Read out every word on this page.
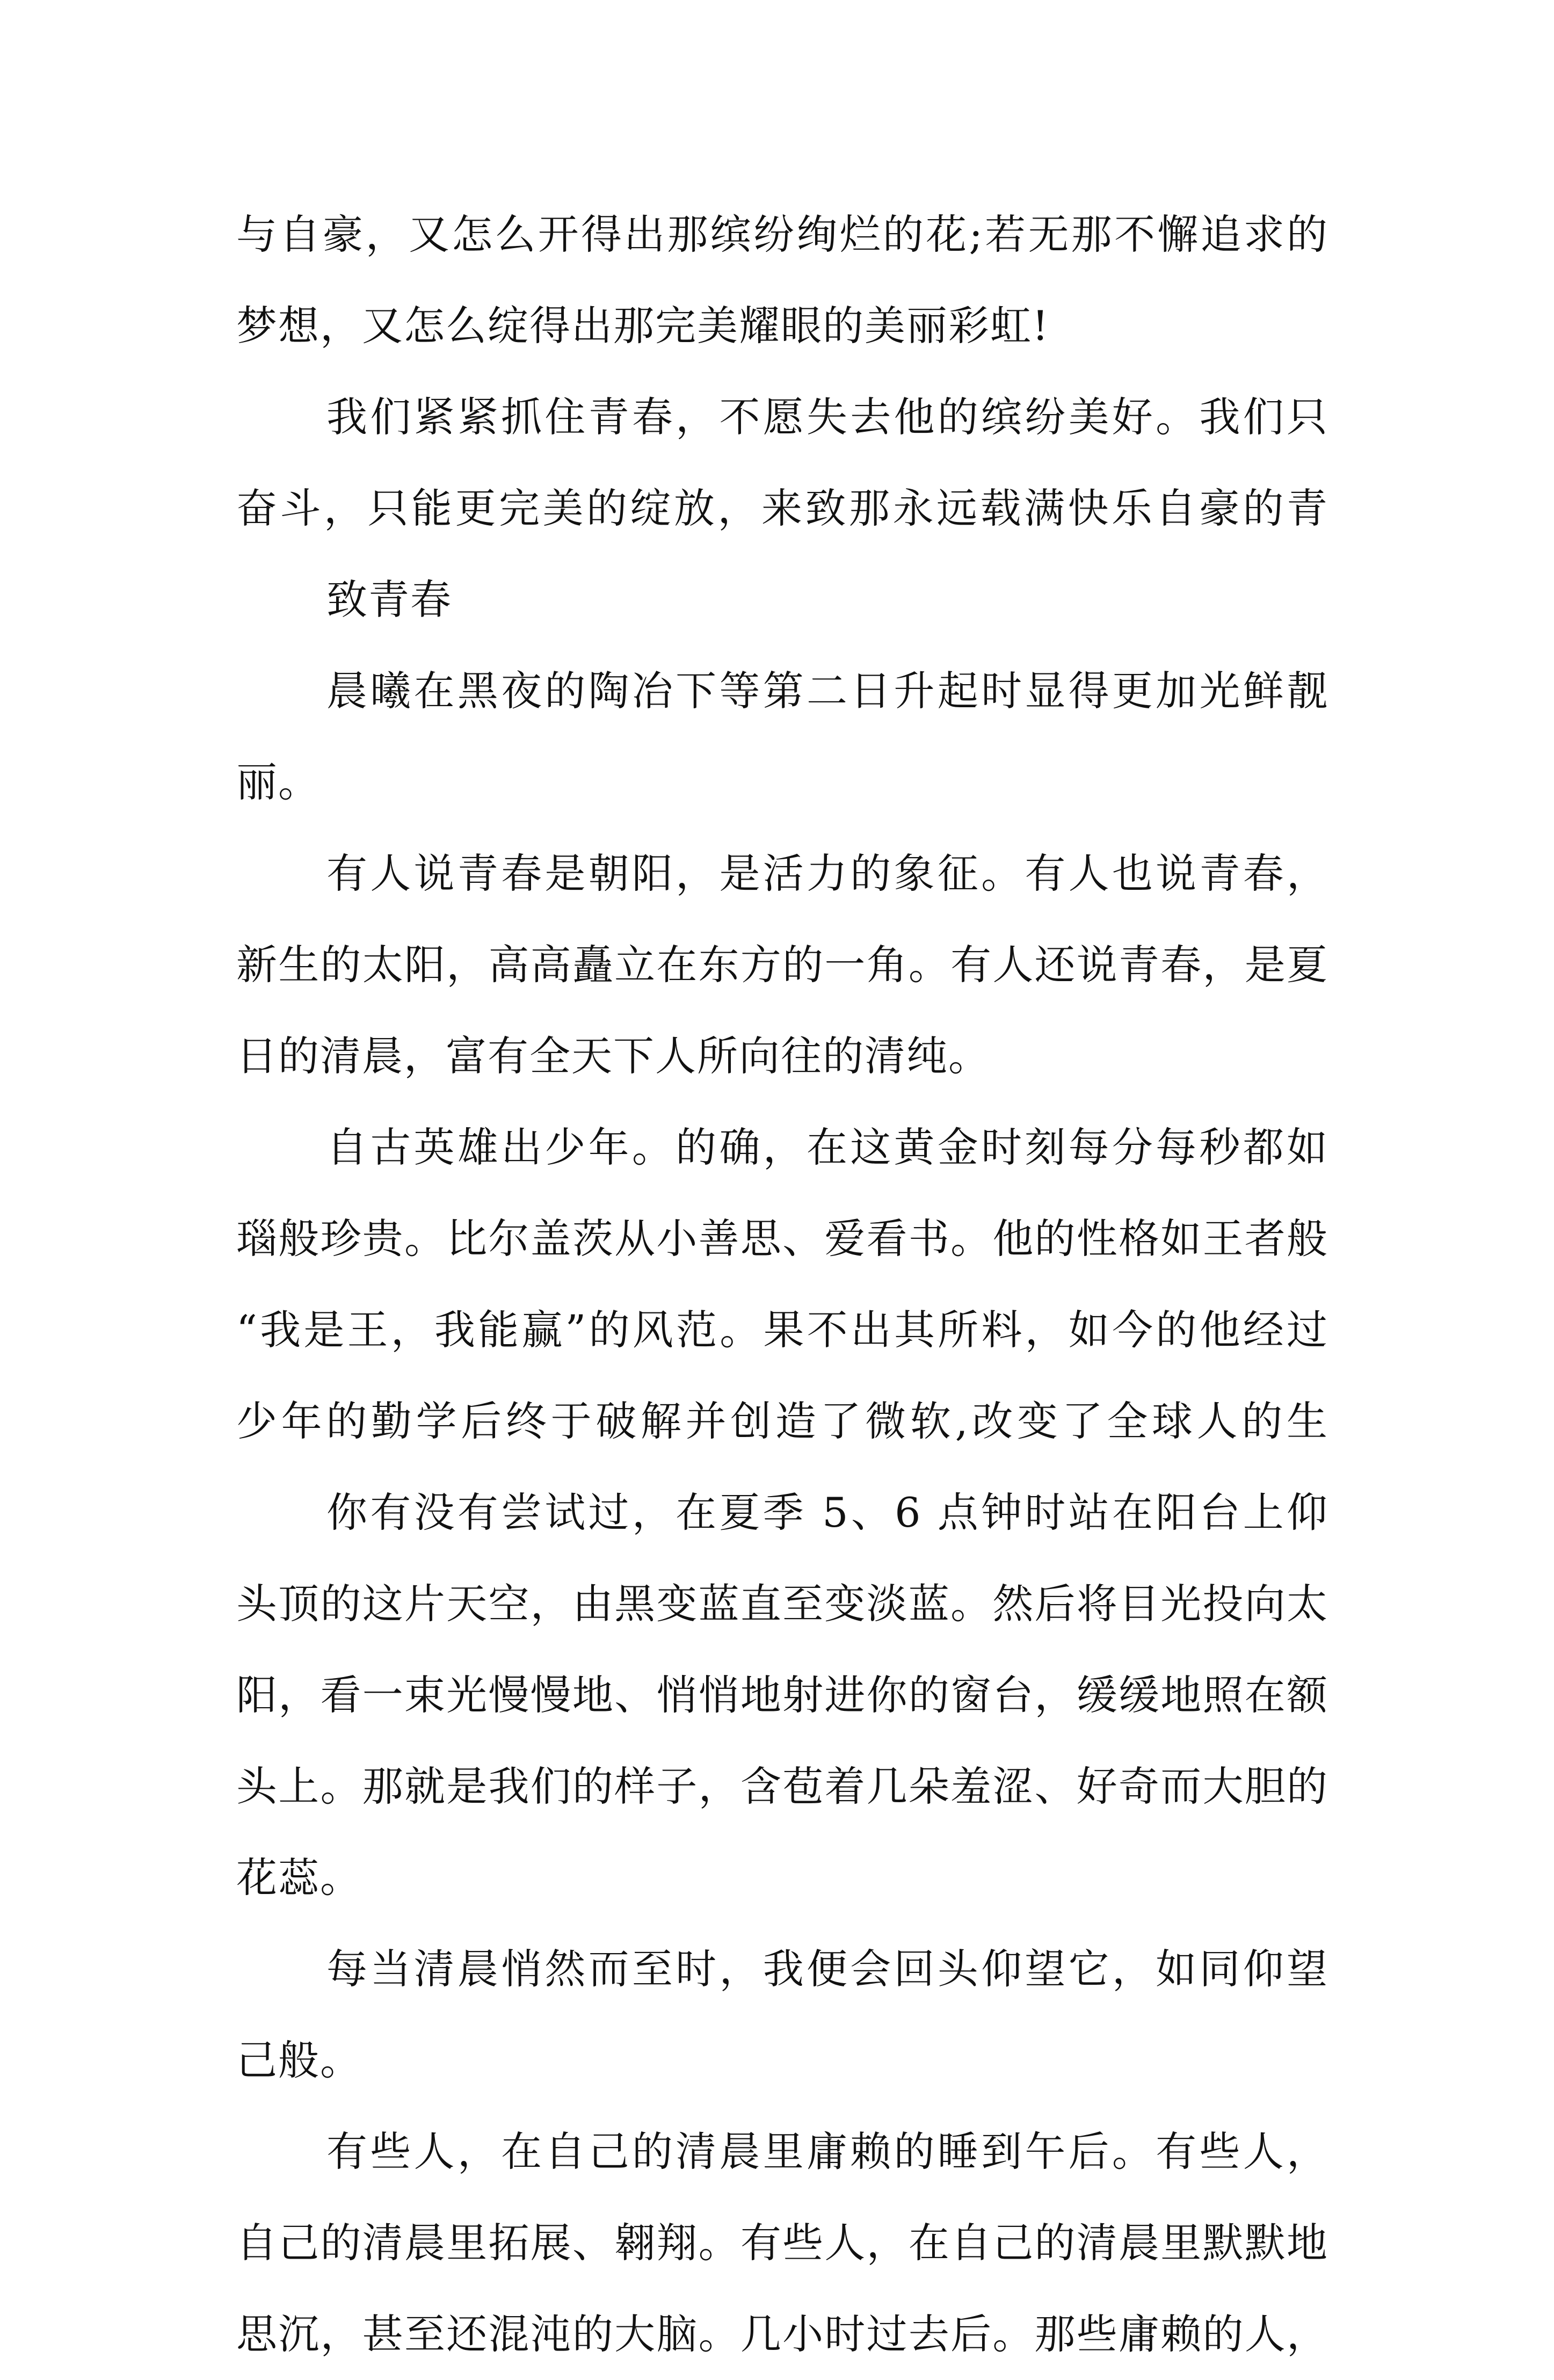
与自豪，又怎么开得出那缤纷绚烂的花;若无那不懈追求的
梦想，又怎么绽得出那完美耀眼的美丽彩虹!
我们紧紧抓住青春，不愿失去他的缤纷美好。我们只
奋斗，只能更完美的绽放，来致那永远载满快乐自豪的青
致青春
晨曦在黑夜的陶冶下等第二日升起时显得更加光鲜靓
丽。
有人说青春是朝阳，是活力的象征。有人也说青春，
新生的太阳，高高矗立在东方的一角。有人还说青春，是夏
日的清晨，富有全天下人所向往的清纯。
自古英雄出少年。的确，在这黄金时刻每分每秒都如
瑙般珍贵。比尔盖茨从小善思、爱看书。他的性格如王者般
“我是王，我能赢”的风范。果不出其所料，如今的他经过
少年的勤学后终于破解并创造了微软,改变了全球人的生
你有没有尝试过，在夏季 5、6 点钟时站在阳台上仰
头顶的这片天空，由黑变蓝直至变淡蓝。然后将目光投向太
阳，看一束光慢慢地、悄悄地射进你的窗台，缓缓地照在额
头上。那就是我们的样子，含苞着几朵羞涩、好奇而大胆的
花蕊。
每当清晨悄然而至时，我便会回头仰望它，如同仰望
己般。
有些人，在自己的清晨里庸赖的睡到午后。有些人，
自己的清晨里拓展、翱翔。有些人，在自己的清晨里默默地
思沉，甚至还混沌的大脑。几小时过去后。那些庸赖的人，
